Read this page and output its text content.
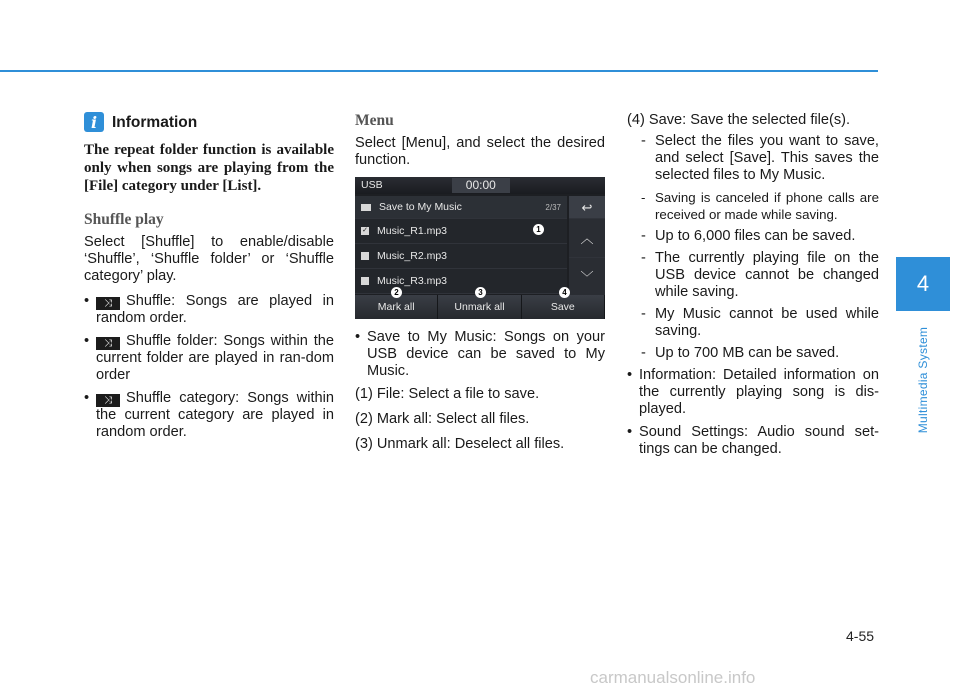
4
Multimedia System
4-55
carmanualsonline.info
i Information
The repeat folder function is available only when songs are playing from the [File] category under [List].
Shuffle play

Select [Shuffle] to enable/disable ‘Shuffle’, ‘Shuffle folder’ or ‘Shuffle category’ play.

•	⤨ Shuffle: Songs are played in random order.
•	⤨ Shuffle folder: Songs within the current folder are played in ran-dom order
•	⤨ Shuffle category: Songs within the current category are played in random order.
Menu

Select [Menu], and select the desired function.

USB	00:00
Save to My Music	2/37
✓ Music_R1.mp3
Music_R2.mp3
Music_R3.mp3
↩
︿
﹀
Mark all	Unmark all	Save
1
2	3	4
• Save to My Music: Songs on your USB device can be saved to My Music.

(1) File: Select a file to save.

(2) Mark all: Select all files.

(3) Unmark all: Deselect all files.

(4) Save: Save the selected file(s).

- Select the files you want to save, and select [Save]. This saves the selected files to My Music.
- Saving is canceled if phone calls are received or made while saving.
- Up to 6,000 files can be saved.
- The currently playing file on the USB device cannot be changed while saving.
- My Music cannot be used while saving.
- Up to 700 MB can be saved.
• Information: Detailed information on the currently playing song is dis-played.
• Sound Settings: Audio sound set-tings can be changed.
